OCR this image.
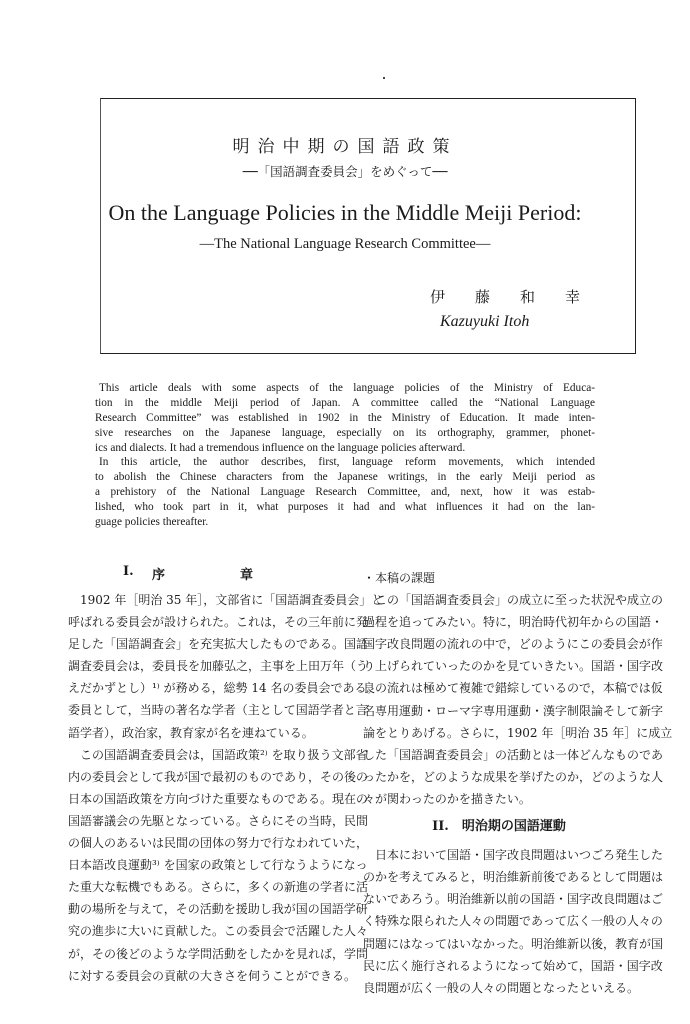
明治中期の国語政策
──「国語調査委員会」をめぐって──
On the Language Policies in the Middle Meiji Period:
—The National Language Research Committee—
伊藤和幸
Kazuyuki Itoh
This article deals with some aspects of the language policies of the Ministry of Educa-
tion in the middle Meiji period of Japan. A committee called the “National Language
Research Committee” was established in 1902 in the Ministry of Education. It made inten-
sive researches on the Japanese language, especially on its orthography, grammer, phonet-
ics and dialects. It had a tremendous influence on the language policies afterward.
In this article, the author describes, first, language reform movements, which intended
to abolish the Chinese characters from the Japanese writings, in the early Meiji period as
a prehistory of the National Language Research Committee, and, next, how it was estab-
lished, who took part in it, what purposes it had and what influences it had on the lan-
guage policies thereafter.
I. 序	章
1902 年［明治 35 年］，文部省に「国語調査委員会」と
呼ばれる委員会が設けられた。これは，その三年前に発
足した「国語調査会」を充実拡大したものである。国語
調査委員会は，委員長を加藤弘之，主事を上田万年（う
えだかずとし）¹⁾ が務める，総勢 14 名の委員会である。
委員として，当時の著名な学者（主として国語学者と言
語学者），政治家，教育家が名を連ねている。
この国語調査委員会は，国語政策²⁾ を取り扱う文部省
内の委員会として我が国で最初のものであり，その後の
日本の国語政策を方向づけた重要なものである。現在の
国語審議会の先駆となっている。さらにその当時，民間
の個人のあるいは民間の団体の努力で行なわれていた，
日本語改良運動³⁾ を国家の政策として行なうようになっ
た重大な転機でもある。さらに，多くの新進の学者に活
動の場所を与えて，その活動を援助し我が国の国語学研
究の進歩に大いに貢献した。この委員会で活躍した人々
が，その後どのような学問活動をしたかを見れば，学問
に対する委員会の貢献の大きさを伺うことができる。
・本稿の課題
この「国語調査委員会」の成立に至った状況や成立の
過程を追ってみたい。特に，明治時代初年からの国語・
国字改良問題の流れの中で，どのようにこの委員会が作
り上げられていったのかを見ていきたい。国語・国字改
良の流れは極めて複雑で錯綜しているので，本稿では仮
名専用運動・ローマ字専用運動・漢字制限論そして新字
論をとりあげる。さらに，1902 年［明治 35 年］に成立
した「国語調査委員会」の活動とは一体どんなものであ
ったかを，どのような成果を挙げたのか，どのような人
々が関わったのかを描きたい。
II.　明治期の国語運動
日本において国語・国字改良問題はいつごろ発生した
のかを考えてみると，明治維新前後であるとして問題は
ないであろう。明治維新以前の国語・国字改良問題はご
く特殊な限られた人々の問題であって広く一般の人々の
問題にはなってはいなかった。明治維新以後，教育が国
民に広く施行されるようになって始めて，国語・国字改
良問題が広く一般の人々の問題となったといえる。
